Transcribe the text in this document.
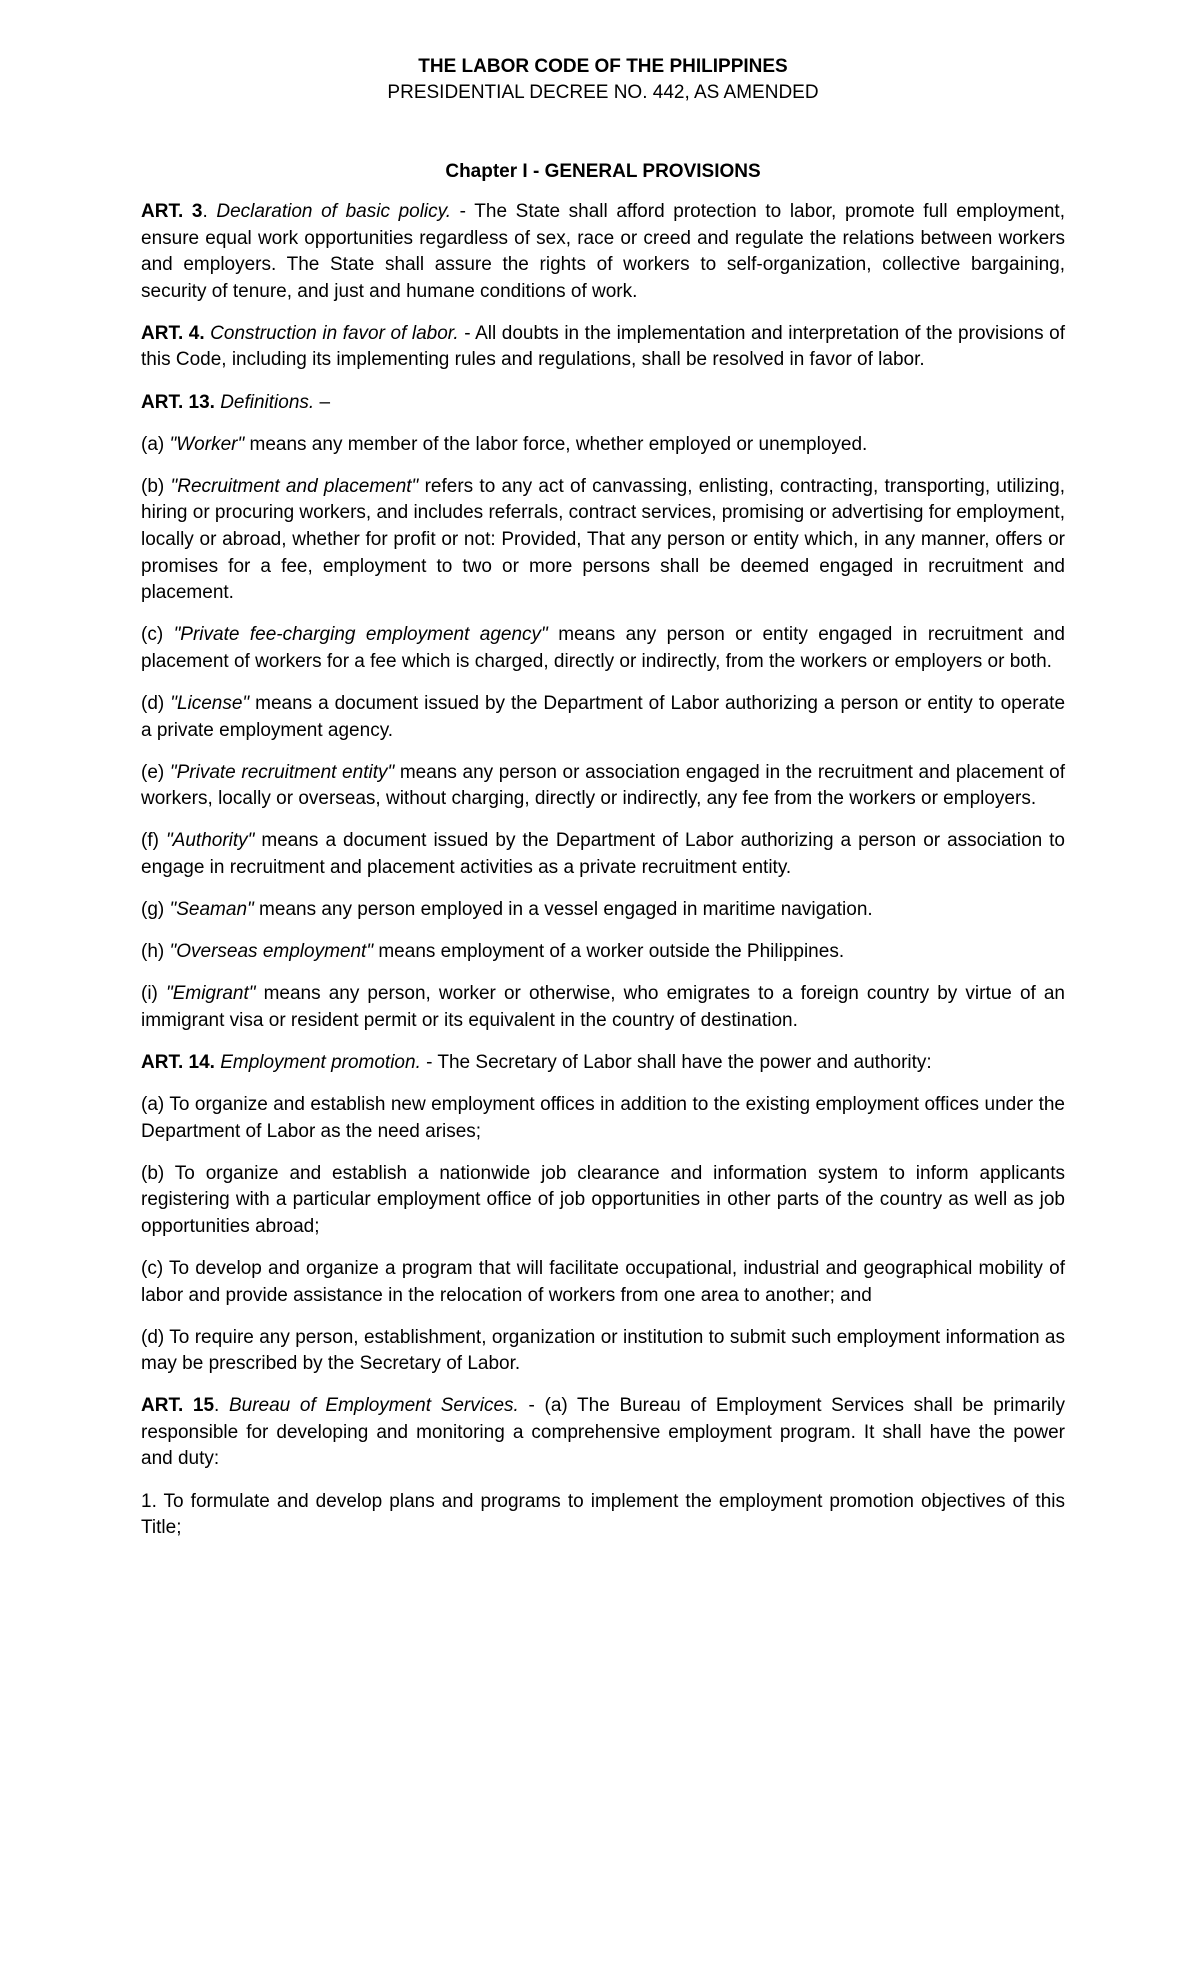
THE LABOR CODE OF THE PHILIPPINES
PRESIDENTIAL DECREE NO. 442, AS AMENDED
Chapter I - GENERAL PROVISIONS

ART. 3. Declaration of basic policy. - The State shall afford protection to labor, promote full employment, ensure equal work opportunities regardless of sex, race or creed and regulate the relations between workers and employers. The State shall assure the rights of workers to self-organization, collective bargaining, security of tenure, and just and humane conditions of work.

ART. 4. Construction in favor of labor. - All doubts in the implementation and interpretation of the provisions of this Code, including its implementing rules and regulations, shall be resolved in favor of labor.

ART. 13. Definitions. –

(a) "Worker" means any member of the labor force, whether employed or unemployed.

(b) "Recruitment and placement" refers to any act of canvassing, enlisting, contracting, transporting, utilizing, hiring or procuring workers, and includes referrals, contract services, promising or advertising for employment, locally or abroad, whether for profit or not: Provided, That any person or entity which, in any manner, offers or promises for a fee, employment to two or more persons shall be deemed engaged in recruitment and placement.

(c) "Private fee-charging employment agency" means any person or entity engaged in recruitment and placement of workers for a fee which is charged, directly or indirectly, from the workers or employers or both.

(d) "License" means a document issued by the Department of Labor authorizing a person or entity to operate a private employment agency.

(e) "Private recruitment entity" means any person or association engaged in the recruitment and placement of workers, locally or overseas, without charging, directly or indirectly, any fee from the workers or employers.

(f) "Authority" means a document issued by the Department of Labor authorizing a person or association to engage in recruitment and placement activities as a private recruitment entity.

(g) "Seaman" means any person employed in a vessel engaged in maritime navigation.

(h) "Overseas employment" means employment of a worker outside the Philippines.

(i) "Emigrant" means any person, worker or otherwise, who emigrates to a foreign country by virtue of an immigrant visa or resident permit or its equivalent in the country of destination.

ART. 14. Employment promotion. - The Secretary of Labor shall have the power and authority:

(a) To organize and establish new employment offices in addition to the existing employment offices under the Department of Labor as the need arises;

(b) To organize and establish a nationwide job clearance and information system to inform applicants registering with a particular employment office of job opportunities in other parts of the country as well as job opportunities abroad;

(c) To develop and organize a program that will facilitate occupational, industrial and geographical mobility of labor and provide assistance in the relocation of workers from one area to another; and

(d) To require any person, establishment, organization or institution to submit such employment information as may be prescribed by the Secretary of Labor.

ART. 15. Bureau of Employment Services. - (a) The Bureau of Employment Services shall be primarily responsible for developing and monitoring a comprehensive employment program. It shall have the power and duty:

1. To formulate and develop plans and programs to implement the employment promotion objectives of this Title;
